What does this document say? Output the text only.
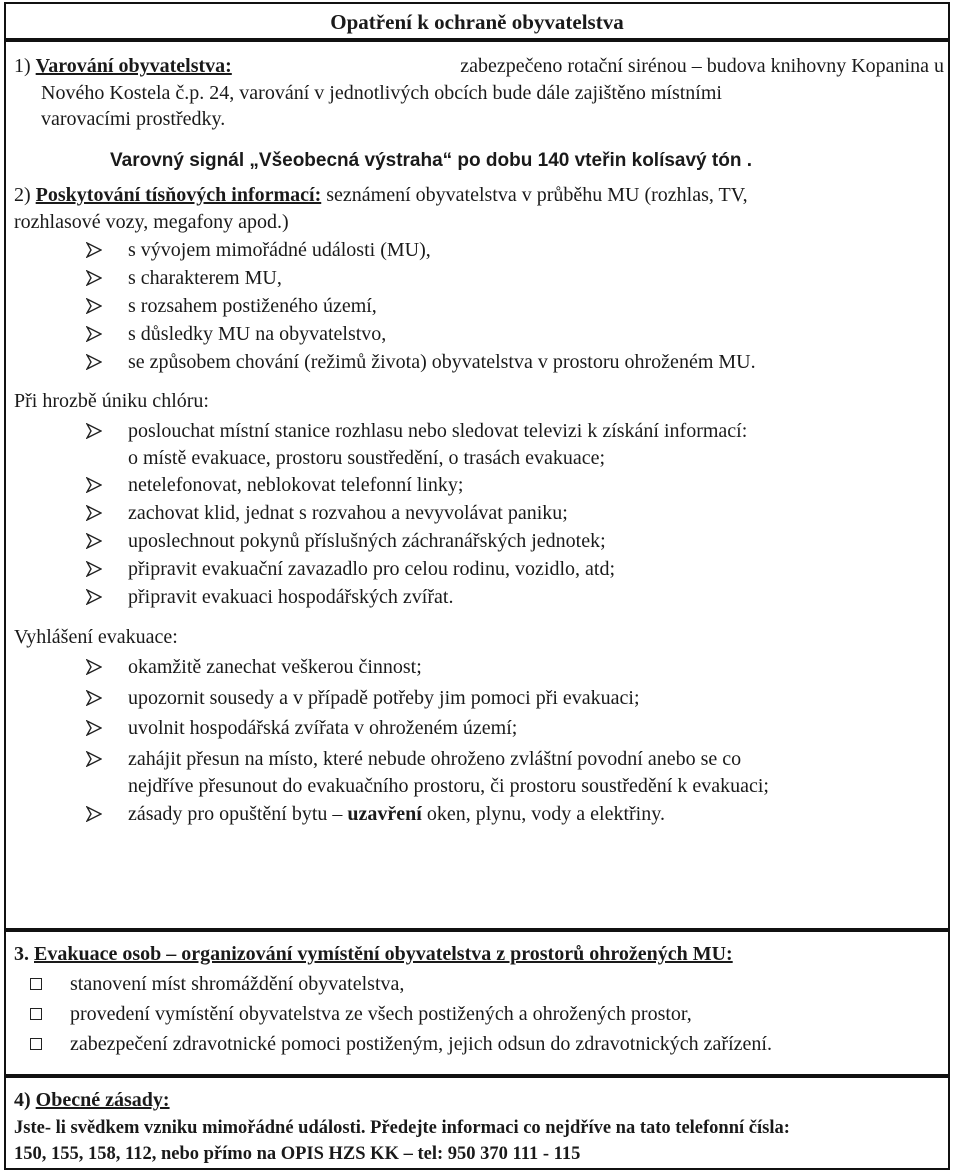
Opatření k ochraně obyvatelstva
1) Varování obyvatelstva:	zabezpečeno rotační sirénou – budova knihovny Kopanina u
Nového Kostela č.p. 24, varování v jednotlivých obcích bude dále zajištěno místními
varovacími prostředky.
Varovný signál „Všeobecná výstraha“ po dobu 140 vteřin kolísavý tón .
2) Poskytování tísňových informací: seznámení obyvatelstva v průběhu MU (rozhlas, TV,
rozhlasové vozy, megafony apod.)
s vývojem mimořádné události (MU),
s charakterem MU,
s rozsahem postiženého území,
s důsledky MU na obyvatelstvo,
se způsobem chování (režimů života) obyvatelstva v prostoru ohroženém MU.
Při hrozbě úniku chlóru:
poslouchat místní stanice rozhlasu nebo sledovat televizi k získání informací:
o místě evakuace, prostoru soustředění, o trasách evakuace;
netelefonovat, neblokovat telefonní linky;
zachovat klid, jednat s rozvahou a nevyvolávat paniku;
uposlechnout pokynů příslušných záchranářských jednotek;
připravit evakuační zavazadlo pro celou rodinu, vozidlo, atd;
připravit evakuaci hospodářských zvířat.
Vyhlášení evakuace:
okamžitě zanechat veškerou činnost;
upozornit sousedy a v případě potřeby jim pomoci při evakuaci;
uvolnit hospodářská zvířata v ohroženém území;
zahájit přesun na místo, které nebude ohroženo zvláštní povodní anebo se co
nejdříve přesunout do evakuačního prostoru, či prostoru soustředění k evakuaci;
zásady pro opuštění bytu – uzavření oken, plynu, vody a elektřiny.
3. Evakuace osob – organizování vymístění obyvatelstva z prostorů ohrožených MU:
stanovení míst shromáždění obyvatelstva,
provedení vymístění obyvatelstva ze všech postižených a ohrožených prostor,
zabezpečení zdravotnické pomoci postiženým, jejich odsun do zdravotnických zařízení.
4) Obecné zásady:
Jste- li svědkem vzniku mimořádné události. Předejte informaci co nejdříve na tato telefonní čísla:
150, 155, 158, 112, nebo přímo na OPIS HZS KK – tel: 950 370 111 - 115
